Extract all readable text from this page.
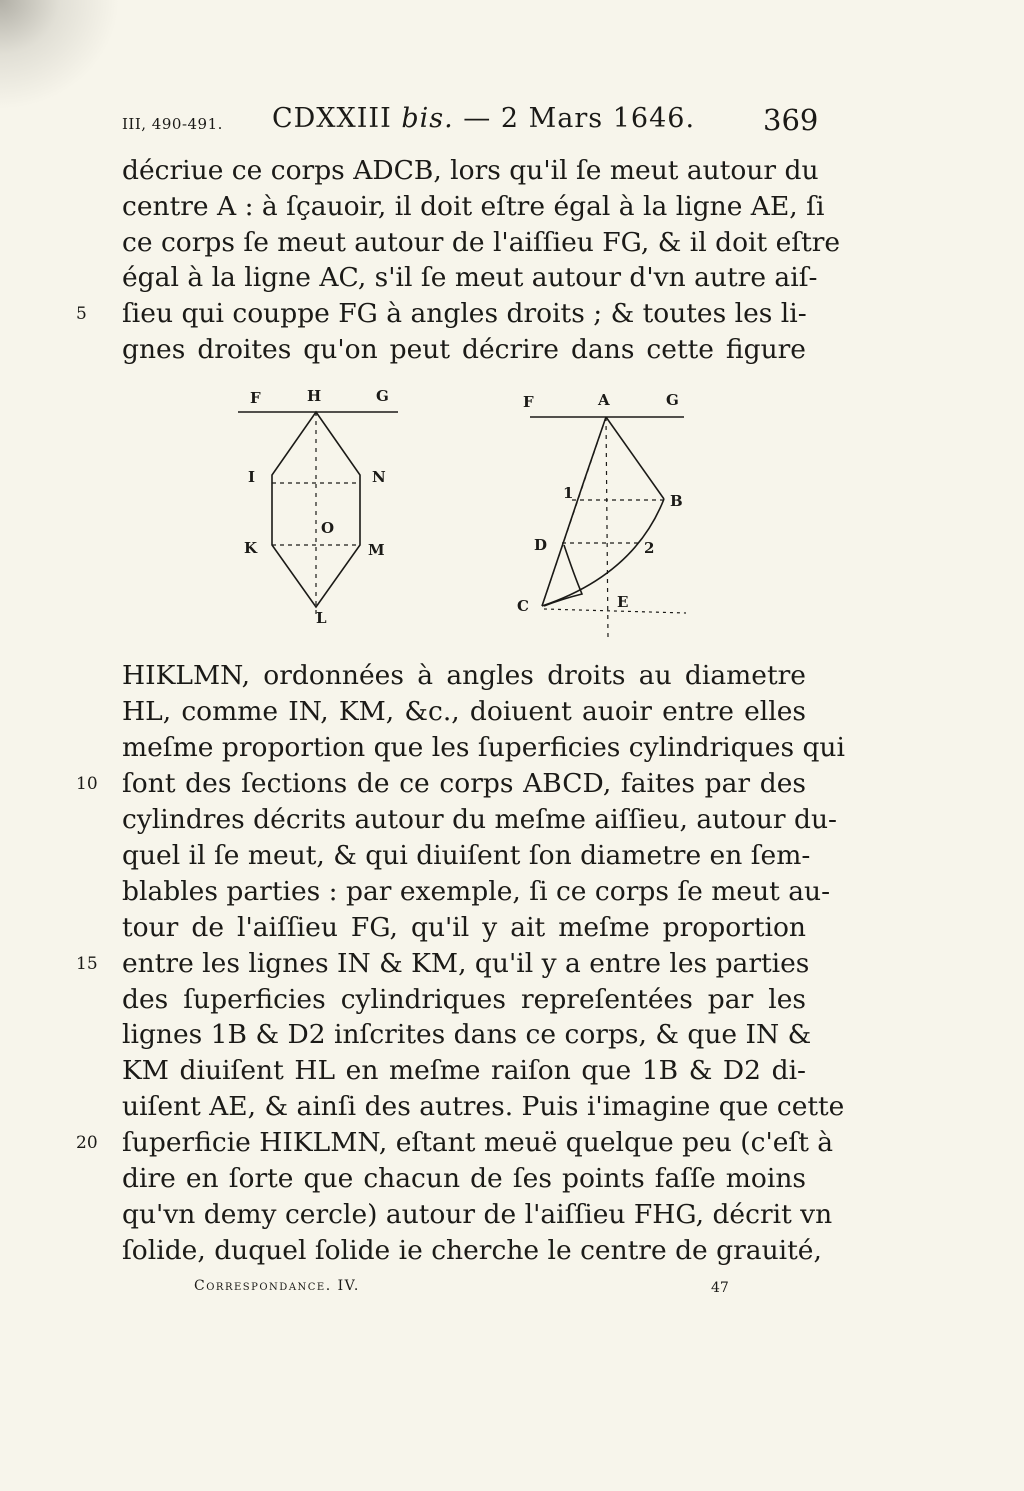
III, 490-491. CDXXIII bis. — 2 Mars 1646. 369
décriue ce corps ADCB, lors qu'il ſe meut autour du
centre A : à ſçauoir, il doit eſtre égal à la ligne AE, ſi
ce corps ſe meut autour de l'aiſſieu FG, & il doit eſtre
égal à la ligne AC, s'il ſe meut autour d'vn autre aiſ-
ſieu qui couppe FG à angles droits ; & toutes les li-
gnes droites qu'on peut décrire dans cette figure
5
F	H	G
I	N
O
K	M
L
F	A	G
1	B
D	2
C	E
HIKLMN, ordonnées à angles droits au diametre
HL, comme IN, KM, &c., doiuent auoir entre elles
meſme proportion que les ſuperficies cylindriques qui
ſont des ſections de ce corps ABCD, faites par des
cylindres décrits autour du meſme aiſſieu, autour du-
quel il ſe meut, & qui diuiſent ſon diametre en ſem-
blables parties : par exemple, ſi ce corps ſe meut au-
tour de l'aiſſieu FG, qu'il y ait meſme proportion
entre les lignes IN & KM, qu'il y a entre les parties
des ſuperficies cylindriques repreſentées par les
lignes 1B & D2 inſcrites dans ce corps, & que IN &
KM diuiſent HL en meſme raiſon que 1B & D2 di-
uiſent AE, & ainſi des autres. Puis i'imagine que cette
ſuperficie HIKLMN, eſtant meuë quelque peu (c'eſt à
dire en ſorte que chacun de ſes points faſſe moins
qu'vn demy cercle) autour de l'aiſſieu FHG, décrit vn
ſolide, duquel ſolide ie cherche le centre de grauité,
10
15
20
Correspondance. IV.	47
